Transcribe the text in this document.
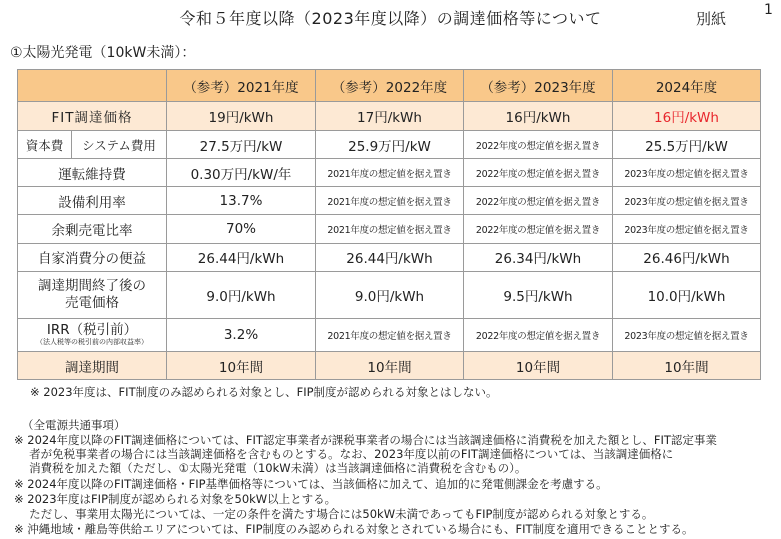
令和５年度以降（2023年度以降）の調達価格等について	別紙	1
①太陽光発電（10kW未満）：
		（参考）2021年度	（参考）2022年度	（参考）2023年度	2024年度
FIT調達価格		19円/kWh	17円/kWh	16円/kWh	16円/kWh
資本費	システム費用	27.5万円/kW	25.9万円/kW	2022年度の想定値を据え置き	25.5万円/kW
運転維持費		0.30万円/kW/年	2021年度の想定値を据え置き	2022年度の想定値を据え置き	2023年度の想定値を据え置き
設備利用率		13.7%	2021年度の想定値を据え置き	2022年度の想定値を据え置き	2023年度の想定値を据え置き
余剰売電比率		70%	2021年度の想定値を据え置き	2022年度の想定値を据え置き	2023年度の想定値を据え置き
自家消費分の便益		26.44円/kWh	26.44円/kWh	26.34円/kWh	26.46円/kWh
調達期間終了後の
売電価格		9.0円/kWh	9.0円/kWh	9.5円/kWh	10.0円/kWh

IRR（税引前）
（法人税等の税引前の内部収益率）		3.2%	2021年度の想定値を据え置き	2022年度の想定値を据え置き	2023年度の想定値を据え置き
調達期間		10年間	10年間	10年間	10年間
※ 2023年度は、FIT制度のみ認められる対象とし、FIP制度が認められる対象とはしない。
（全電源共通事項）
※ 2024年度以降のFIT調達価格については、FIT認定事業者が課税事業者の場合には当該調達価格に消費税を加えた額とし、FIT認定事業
　 者が免税事業者の場合には当該調達価格を含むものとする。なお、2023年度以前のFIT調達価格については、当該調達価格に
　 消費税を加えた額（ただし、①太陽光発電（10kW未満）は当該調達価格に消費税を含むもの）。
※ 2024年度以降のFIT調達価格・FIP基準価格等については、当該価格に加えて、追加的に発電側課金を考慮する。
※ 2023年度はFIP制度が認められる対象を50kW以上とする。
　 ただし、事業用太陽光については、一定の条件を満たす場合には50kW未満であってもFIP制度が認められる対象とする。
※ 沖縄地域・離島等供給エリアについては、FIP制度のみ認められる対象とされている場合にも、FIT制度を適用できることとする。
